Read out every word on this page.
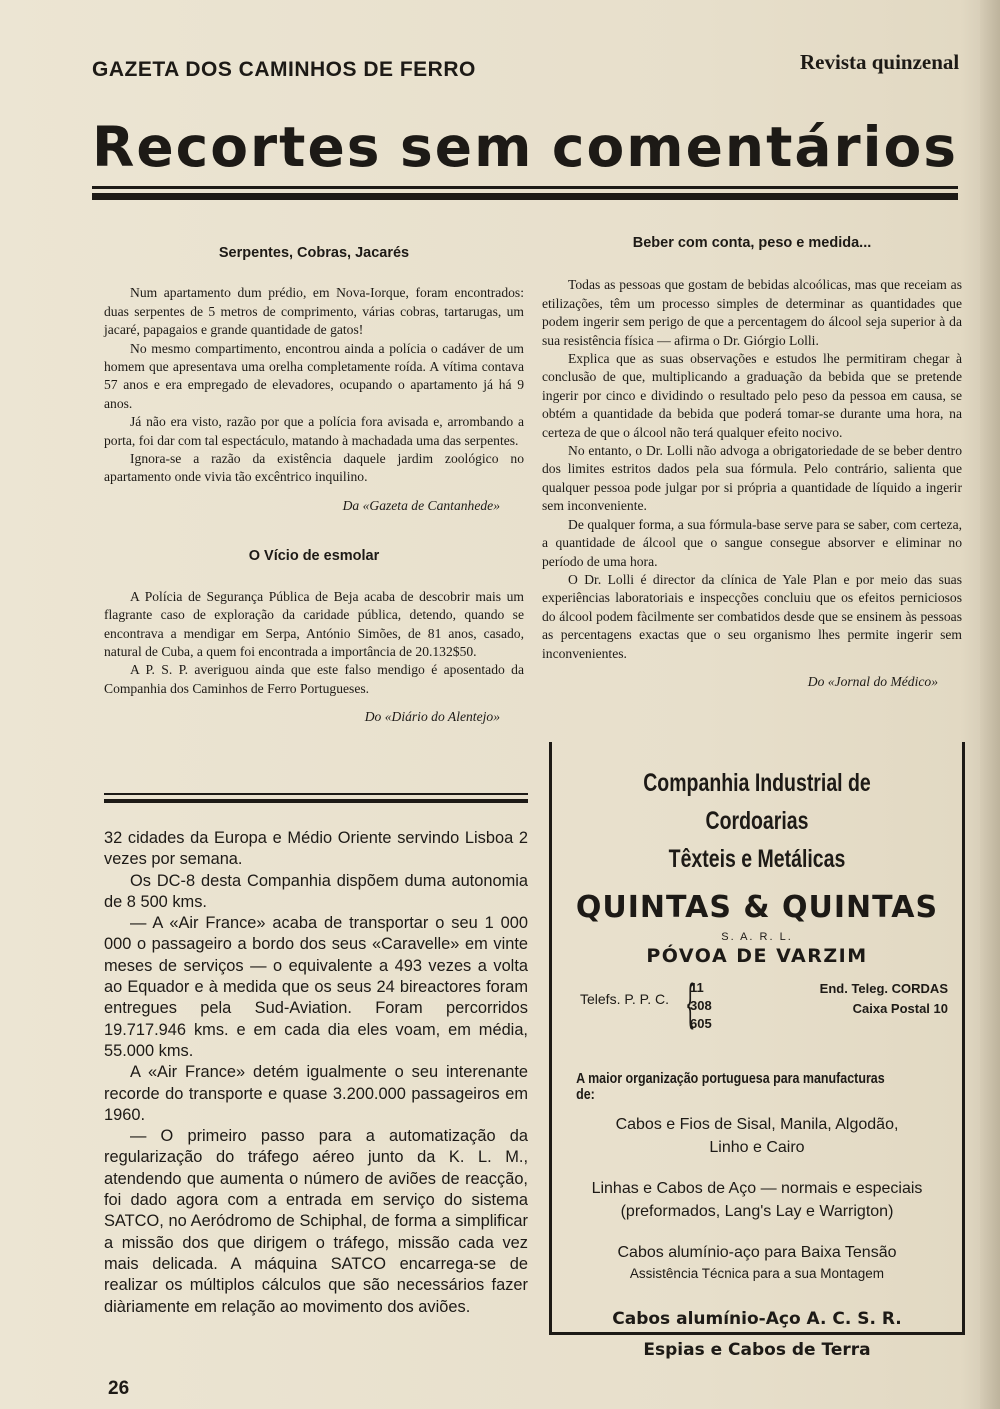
GAZETA DOS CAMINHOS DE FERRO	Revista quinzenal
Recortes sem comentários
Serpentes, Cobras, Jacarés

Num apartamento dum prédio, em Nova-Iorque, foram encontrados: duas serpentes de 5 metros de comprimento, várias cobras, tartarugas, um jacaré, papagaios e grande quantidade de gatos!

No mesmo compartimento, encontrou ainda a polícia o cadáver de um homem que apresentava uma orelha completamente roída. A vítima contava 57 anos e era empregado de elevadores, ocupando o apartamento já há 9 anos.

Já não era visto, razão por que a polícia fora avisada e, arrombando a porta, foi dar com tal espectáculo, matando à machadada uma das serpentes.

Ignora-se a razão da existência daquele jardim zoológico no apartamento onde vivia tão excêntrico inquilino.

Da «Gazeta de Cantanhede»
O Vício de esmolar

A Polícia de Segurança Pública de Beja acaba de descobrir mais um flagrante caso de exploração da caridade pública, detendo, quando se encontrava a mendigar em Serpa, António Simões, de 81 anos, casado, natural de Cuba, a quem foi encontrada a importância de 20.132$50.

A P. S. P. averiguou ainda que este falso mendigo é aposentado da Companhia dos Caminhos de Ferro Portugueses.

Do «Diário do Alentejo»
Beber com conta, peso e medida...

Todas as pessoas que gostam de bebidas alcoólicas, mas que receiam as etilizações, têm um processo simples de determinar as quantidades que podem ingerir sem perigo de que a percentagem do álcool seja superior à da sua resistência física — afirma o Dr. Giórgio Lolli.

Explica que as suas observações e estudos lhe permitiram chegar à conclusão de que, multiplicando a graduação da bebida que se pretende ingerir por cinco e dividindo o resultado pelo peso da pessoa em causa, se obtém a quantidade da bebida que poderá tomar-se durante uma hora, na certeza de que o álcool não terá qualquer efeito nocivo.

No entanto, o Dr. Lolli não advoga a obrigatoriedade de se beber dentro dos limites estritos dados pela sua fórmula. Pelo contrário, salienta que qualquer pessoa pode julgar por si própria a quantidade de líquido a ingerir sem inconveniente.

De qualquer forma, a sua fórmula-base serve para se saber, com certeza, a quantidade de álcool que o sangue consegue absorver e eliminar no período de uma hora.

O Dr. Lolli é director da clínica de Yale Plan e por meio das suas experiências laboratoriais e inspecções concluiu que os efeitos perniciosos do álcool podem fàcilmente ser combatidos desde que se ensinem às pessoas as percentagens exactas que o seu organismo lhes permite ingerir sem inconvenientes.

Do «Jornal do Médico»

32 cidades da Europa e Médio Oriente servindo Lisboa 2 vezes por semana.

Os DC-8 desta Companhia dispõem duma autonomia de 8 500 kms.

— A «Air France» acaba de transportar o seu 1 000 000 o passageiro a bordo dos seus «Caravelle» em vinte meses de serviços — o equivalente a 493 vezes a volta ao Equador e à medida que os seus 24 bireactores foram entregues pela Sud-Aviation. Foram percorridos 19.717.946 kms. e em cada dia eles voam, em média, 55.000 kms.

A «Air France» detém igualmente o seu interenante recorde do transporte e quase 3.200.000 passageiros em 1960.

— O primeiro passo para a automatização da regularização do tráfego aéreo junto da K. L. M., atendendo que aumenta o número de aviões de reacção, foi dado agora com a entrada em serviço do sistema SATCO, no Aeródromo de Schiphal, de forma a simplificar a missão dos que dirigem o tráfego, missão cada vez mais delicada. A máquina SATCO encarrega-se de realizar os múltiplos cálculos que são necessários fazer diàriamente em relação ao movimento dos aviões.

Companhia Industrial de Cordoarias
Têxteis e Metálicas
QUINTAS & QUINTAS
S. A. R. L.
PÓVOA DE VARZIM
Telefs. P. P. C. {
11
308
605
End. Teleg. CORDAS
Caixa Postal 10
A maior organização portuguesa para manufacturas de:
Cabos e Fios de Sisal, Manila, Algodão,
Linho e Cairo
Linhas e Cabos de Aço — normais e especiais
(preformados, Lang's Lay e Warrigton)
Cabos alumínio-aço para Baixa Tensão
Assistência Técnica para a sua Montagem
Cabos alumínio-Aço A. C. S. R.
Espias e Cabos de Terra
26
